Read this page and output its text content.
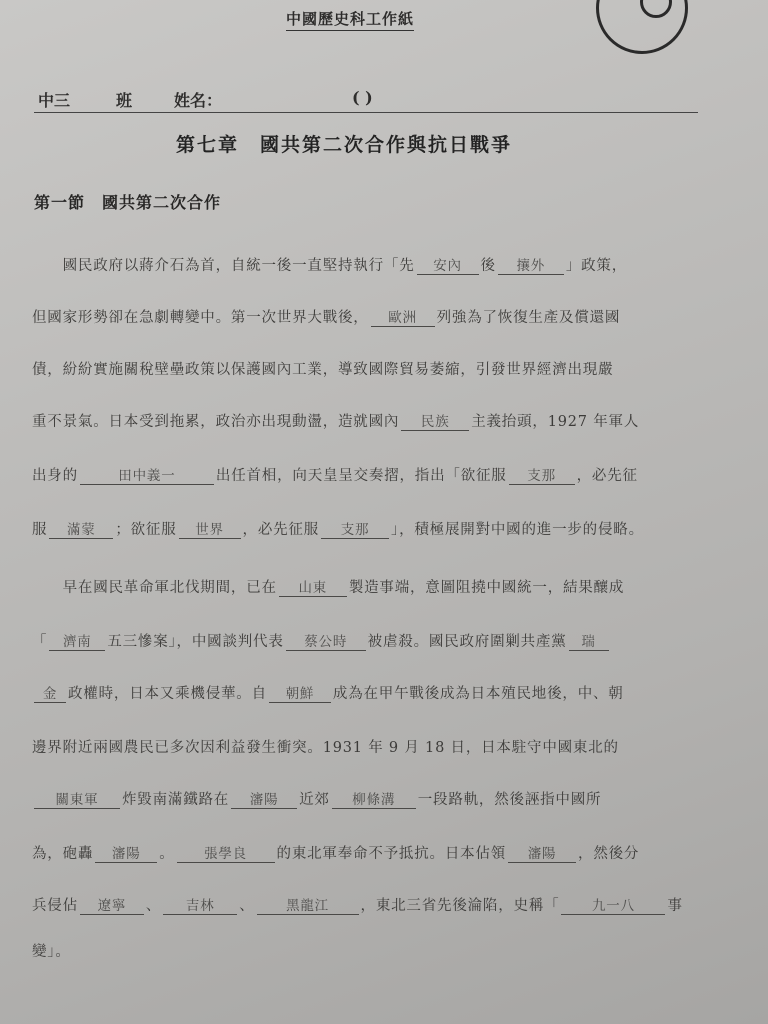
中國歷史科工作紙
中三	班	姓名：	( )
第七章　國共第二次合作與抗日戰爭
第一節　國共第二次合作
　　國民政府以蔣介石為首，自統一後一直堅持執行「先 安內 後 攘外 」政策，
但國家形勢卻在急劇轉變中。第一次世界大戰後， 歐洲 列強為了恢復生產及償還國
債，紛紛實施關稅壁壘政策以保護國內工業，導致國際貿易萎縮，引發世界經濟出現嚴
重不景氣。日本受到拖累，政治亦出現動盪，造就國內 民族 主義抬頭，1927 年軍人
出身的	田中義一	出任首相，向天皇呈交奏摺，指出「欲征服 支那 ，必先征
服 滿蒙 ；欲征服 世界 ，必先征服 支那 」，積極展開對中國的進一步的侵略。
　　早在國民革命軍北伐期間，已在 山東 製造事端，意圖阻撓中國統一，結果釀成
「 濟南 五三慘案」，中國談判代表 蔡公時 被虐殺。國民政府圍剿共產黨 瑞
金 政權時，日本又乘機侵華。自 朝鮮 成為在甲午戰後成為日本殖民地後，中、朝
邊界附近兩國農民已多次因利益發生衝突。1931 年 9 月 18 日，日本駐守中國東北的
關東軍 炸毀南滿鐵路在 瀋陽 近郊 柳條溝 一段路軌，然後誣指中國所
為，砲轟 瀋陽 。 張學良 的東北軍奉命不予抵抗。日本佔領 瀋陽 ，然後分
兵侵佔 遼寧 、 吉林 、 黑龍江 ，東北三省先後淪陷，史稱「 九一八 事
變」。
